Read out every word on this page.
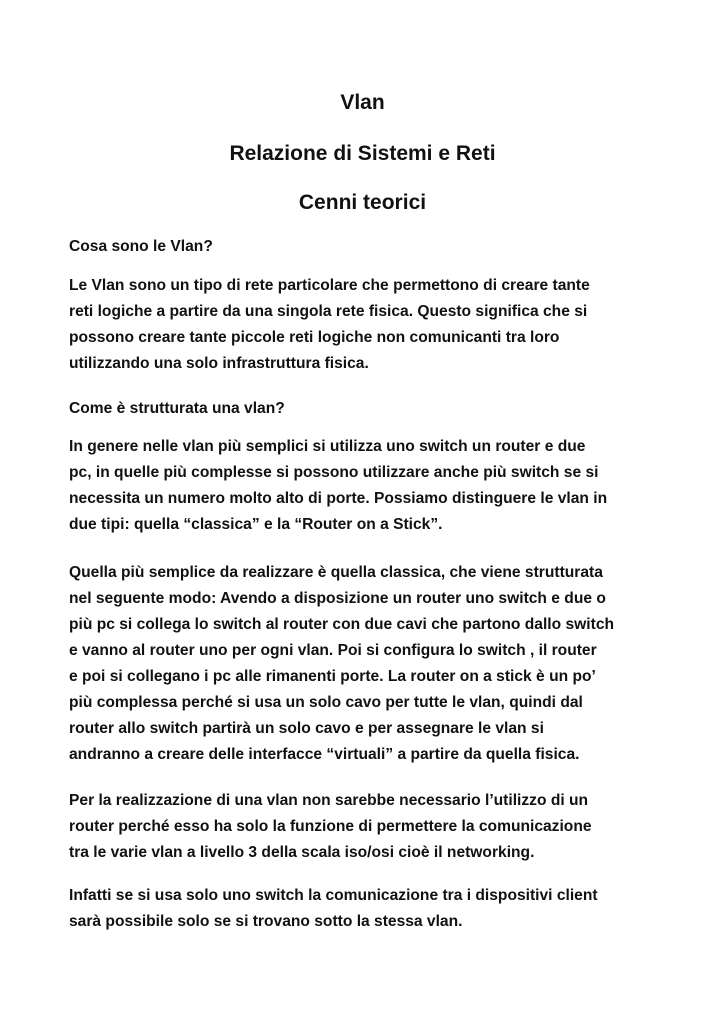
Vlan
Relazione di Sistemi e Reti
Cenni teorici

Cosa sono le Vlan?

Le Vlan sono un tipo di rete particolare che permettono di creare tante
reti logiche a partire da una singola rete fisica. Questo significa che si
possono creare tante piccole reti logiche non comunicanti tra loro
utilizzando una solo infrastruttura fisica.

Come è strutturata una vlan?

In genere nelle vlan più semplici si utilizza uno switch un router e due
pc, in quelle più complesse si possono utilizzare anche più switch se si
necessita un numero molto alto di porte. Possiamo distinguere le vlan in
due tipi: quella “classica” e la “Router on a Stick”.

Quella più semplice da realizzare è quella classica, che viene strutturata
nel seguente modo: Avendo a disposizione un router uno switch e due o
più pc si collega lo switch al router con due cavi che partono dallo switch
e vanno al router uno per ogni vlan. Poi si configura lo switch , il router
e poi si collegano i pc alle rimanenti porte. La router on a stick è un po’
più complessa perché si usa un solo cavo per tutte le vlan, quindi dal
router allo switch partirà un solo cavo e per assegnare le vlan si
andranno a creare delle interfacce “virtuali” a partire da quella fisica.

Per la realizzazione di una vlan non sarebbe necessario l’utilizzo di un
router perché esso ha solo la funzione di permettere la comunicazione
tra le varie vlan a livello 3 della scala iso/osi cioè il networking.

Infatti se si usa solo uno switch la comunicazione tra i dispositivi client
sarà possibile solo se si trovano sotto la stessa vlan.
